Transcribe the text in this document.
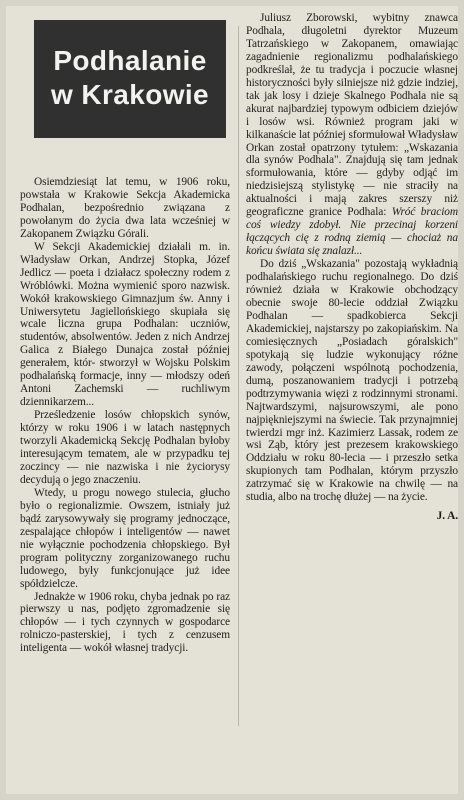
Podhalanie
w Krakowie

Osiemdziesiąt lat temu, w 1906 roku, powstała w Krakowie Sekcja Akademicka Podhalan, bezpośrednio związana z powołanym do życia dwa lata wcześniej w Zakopanem Związku Górali.

W Sekcji Akademickiej działali m. in. Władysław Orkan, Andrzej Stopka, Józef Jedlicz — poeta i działacz społeczny rodem z Wróblówki. Można wymienić sporo nazwisk. Wokół krakowskiego Gimnazjum św. Anny i Uniwersytetu Jagiellońskiego skupiała się wcale liczna grupa Podhalan: uczniów, studentów, absolwentów. Jeden z nich Andrzej Galica z Białego Dunajca został później generałem, któr- stworzył w Wojsku Polskim podhalańską formacje, inny — młodszy odeń Antoni Zachemski — ruchliwym dziennikarzem...

Prześledzenie losów chłopskich synów, którzy w roku 1906 i w latach następnych tworzyli Akademicką Sekcję Podhalan byłoby interesującym tematem, ale w przypadku tej zoczincy — nie nazwiska i nie życiorysy decydują o jego znaczeniu.

Wtedy, u progu nowego stulecia, głucho było o regionalizmie. Owszem, istniały już bądź zarysowywały się programy jednoczące, zespalające chłopów i inteligentów — nawet nie wyłącznie pochodzenia chłopskiego. Był program polityczny zorganizowanego ruchu ludowego, były funkcjonujące już idee spółdzielcze.

Jednakże w 1906 roku, chyba jednak po raz pierwszy u nas, podjęto zgromadzenie się chłopów — i tych czynnych w gospodarce rolniczo-pasterskiej, i tych z cenzusem inteligenta — wokół własnej tradycji.

Juliusz Zborowski, wybitny znawca Podhala, długoletni dyrektor Muzeum Tatrzańskiego w Zakopanem, omawiając zagadnienie regionalizmu podhalańskiego podkreślał, że tu tradycja i poczucie własnej historyczności były silniejsze niż gdzie indziej, tak jak losy i dzieje Skalnego Podhala nie są akurat najbardziej typowym odbiciem dziejów i losów wsi. Również program jaki w kilkanaście lat później sformułował Władysław Orkan został opatrzony tytułem: „Wskazania dla synów Podhala". Znajdują się tam jednak sformułowania, które — gdyby odjąć im niedzisiejszą stylistykę — nie straciły na aktualności i mają zakres szerszy niż geograficzne granice Podhala: Wróć braciom coś wiedzy zdobył. Nie przecinaj korzeni łączących cię z rodną ziemią — chociaż na końcu świata się znalazł...

Do dziś „Wskazania" pozostają wykładnią podhalańskiego ruchu regionalnego. Do dziś również działa w Krakowie obchodzący obecnie swoje 80-lecie oddział Związku Podhalan — spadkobierca Sekcji Akademickiej, najstarszy po zakopiańskim. Na comiesięcznych „Posiadach góralskich" spotykają się ludzie wykonujący różne zawody, połączeni wspólnotą pochodzenia, dumą, poszanowaniem tradycji i potrzebą podtrzymywania więzi z rodzinnymi stronami. Najtwardszymi, najsurowszymi, ale pono najpiękniejszymi na świecie. Tak przynajmniej twierdzi mgr inż. Kazimierz Lassak, rodem ze wsi Ząb, który jest prezesem krakowskiego Oddziału w roku 80-lecia — i przeszło setka skupionych tam Podhalan, którym przyszło zatrzymać się w Krakowie na chwilę — na studia, albo na trochę dłużej — na życie.

J. A.
